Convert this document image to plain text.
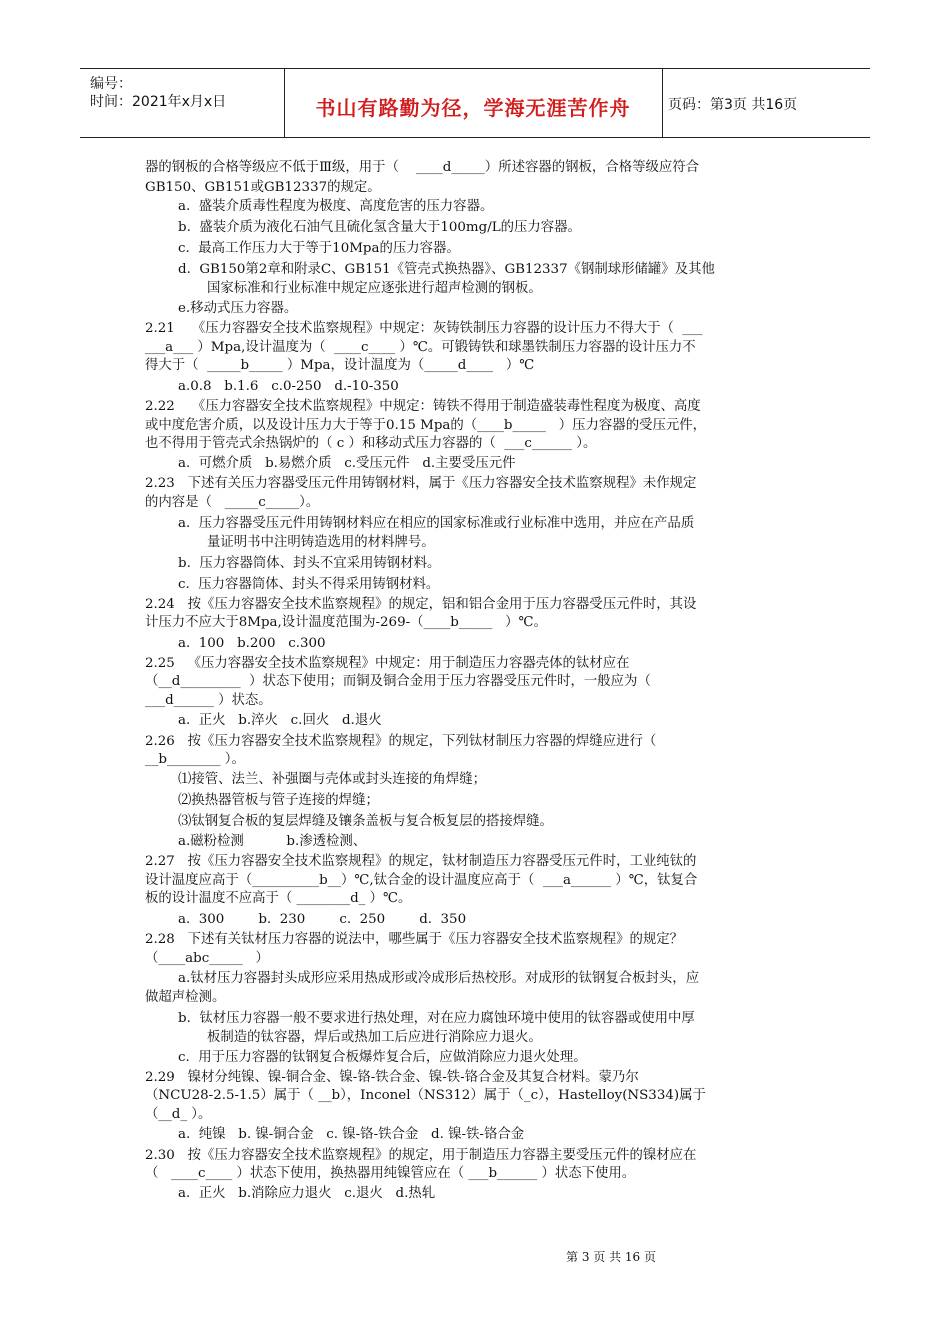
编号：
时间：2021年x月x日	书山有路勤为径，学海无涯苦作舟	页码：第3页 共16页
器的钢板的合格等级应不低于Ⅲ级，用于（    ____d_____）所述容器的钢板，合格等级应符合
GB150、GB151或GB12337的规定。
a.  盛装介质毒性程度为极度、高度危害的压力容器。
b.  盛装介质为液化石油气且硫化氢含量大于100mg/L的压力容器。
c.  最高工作压力大于等于10Mpa的压力容器。
d.  GB150第2章和附录C、GB151《管壳式换热器》、GB12337《钢制球形储罐》及其他
国家标准和行业标准中规定应逐张进行超声检测的钢板。
e.移动式压力容器。
2.21    《压力容器安全技术监察规程》中规定：灰铸铁制压力容器的设计压力不得大于（  ___
___a___ ）Mpa,设计温度为（  ____c____ ）℃。可锻铸铁和球墨铁制压力容器的设计压力不
得大于（  _____b_____ ）Mpa，设计温度为（_____d____   ）℃
a.0.8   b.1.6   c.0-250   d.-10-350
2.22    《压力容器安全技术监察规程》中规定：铸铁不得用于制造盛装毒性程度为极度、高度
或中度危害介质，以及设计压力大于等于0.15 Mpa的（____b_____   ）压力容器的受压元件，
也不得用于管壳式余热锅炉的（ c ）和移动式压力容器的（  ___c______ ）。
a.  可燃介质   b.易燃介质   c.受压元件   d.主要受压元件
2.23   下述有关压力容器受压元件用铸钢材料，属于《压力容器安全技术监察规程》未作规定
的内容是（   _____c_____）。
a.  压力容器受压元件用铸钢材料应在相应的国家标准或行业标准中选用，并应在产品质
量证明书中注明铸造选用的材料牌号。
b.  压力容器筒体、封头不宜采用铸钢材料。
c.  压力容器筒体、封头不得采用铸钢材料。
2.24   按《压力容器安全技术监察规程》的规定，铝和铝合金用于压力容器受压元件时，其设
计压力不应大于8Mpa,设计温度范围为-269-（____b_____   ）℃。
a.  100   b.200   c.300
2.25   《压力容器安全技术监察规程》中规定：用于制造压力容器壳体的钛材应在
（__d_________  ）状态下使用；而铜及铜合金用于压力容器受压元件时，一般应为（
___d______ ）状态。
a.  正火   b.淬火   c.回火   d.退火
2.26   按《压力容器安全技术监察规程》的规定，下列钛材制压力容器的焊缝应进行（
__b________ ）。
⑴接管、法兰、补强圈与壳体或封头连接的角焊缝；
⑵换热器管板与管子连接的焊缝；
⑶钛钢复合板的复层焊缝及镶条盖板与复合板复层的搭接焊缝。
a.磁粉检测          b.渗透检测、
2.27   按《压力容器安全技术监察规程》的规定，钛材制造压力容器受压元件时，工业纯钛的
设计温度应高于（__________b__）℃,钛合金的设计温度应高于（  ___a______ ）℃，钛复合
板的设计温度不应高于（ ________d_ ）℃。
a.  300        b.  230        c.  250        d.  350
2.28   下述有关钛材压力容器的说法中，哪些属于《压力容器安全技术监察规程》的规定？
（____abc_____   ）
a.钛材压力容器封头成形应采用热成形或冷成形后热校形。对成形的钛钢复合板封头，应
做超声检测。
b.  钛材压力容器一般不要求进行热处理，对在应力腐蚀环境中使用的钛容器或使用中厚
板制造的钛容器，焊后或热加工后应进行消除应力退火。
c.  用于压力容器的钛钢复合板爆炸复合后，应做消除应力退火处理。
2.29   镍材分纯镍、镍-铜合金、镍-铬-铁合金、镍-铁-铬合金及其复合材料。蒙乃尔
（NCU28-2.5-1.5）属于（ __b），Inconel（NS312）属于（_c），Hastelloy(NS334)属于
（__d_ ）。
a.  纯镍   b. 镍-铜合金   c. 镍-铬-铁合金   d. 镍-铁-铬合金
2.30   按《压力容器安全技术监察规程》的规定，用于制造压力容器主要受压元件的镍材应在
（   ____c____ ）状态下使用，换热器用纯镍管应在（ ___b______ ）状态下使用。
a.  正火   b.消除应力退火   c.退火   d.热轧
第 3 页 共 16 页
